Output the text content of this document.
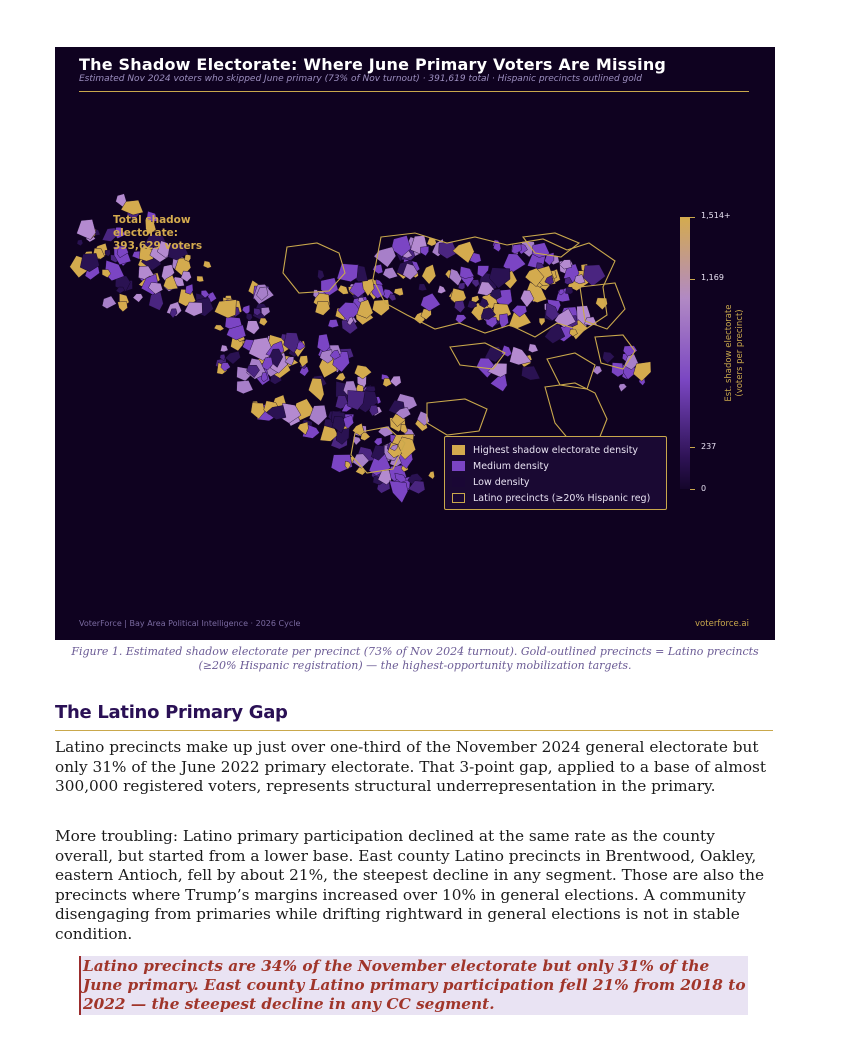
The Shadow Electorate: Where June Primary Voters Are Missing
Estimated Nov 2024 voters who skipped June primary (73% of Nov turnout) · 391,619 total · Hispanic precincts outlined gold
Total shadow
electorate:
393,629 voters
Highest shadow electorate density
Medium density
Low density
Latino precincts (≥20% Hispanic reg)
1,514+
1,169
237
0
Est. shadow electorate
(voters per precinct)
VoterForce | Bay Area Political Intelligence · 2026 Cycle	voterforce.ai
Figure 1. Estimated shadow electorate per precinct (73% of Nov 2024 turnout). Gold-outlined precincts = Latino precincts (≥20% Hispanic registration) — the highest-opportunity mobilization targets.
The Latino Primary Gap

Latino precincts make up just over one-third of the November 2024 general electorate but only 31% of the June 2022 primary electorate. That 3-point gap, applied to a base of almost 300,000 registered voters, represents structural underrepresentation in the primary.

More troubling: Latino primary participation declined at the same rate as the county overall, but started from a lower base. East county Latino precincts in Brentwood, Oakley, eastern Antioch, fell by about 21%, the steepest decline in any segment. Those are also the precincts where Trump’s margins increased over 10% in general elections. A community disengaging from primaries while drifting rightward in general elections is not in stable condition.

Latino precincts are 34% of the November electorate but only 31% of the June primary. East county Latino primary participation fell 21% from 2018 to 2022 — the steepest decline in any CC segment.
